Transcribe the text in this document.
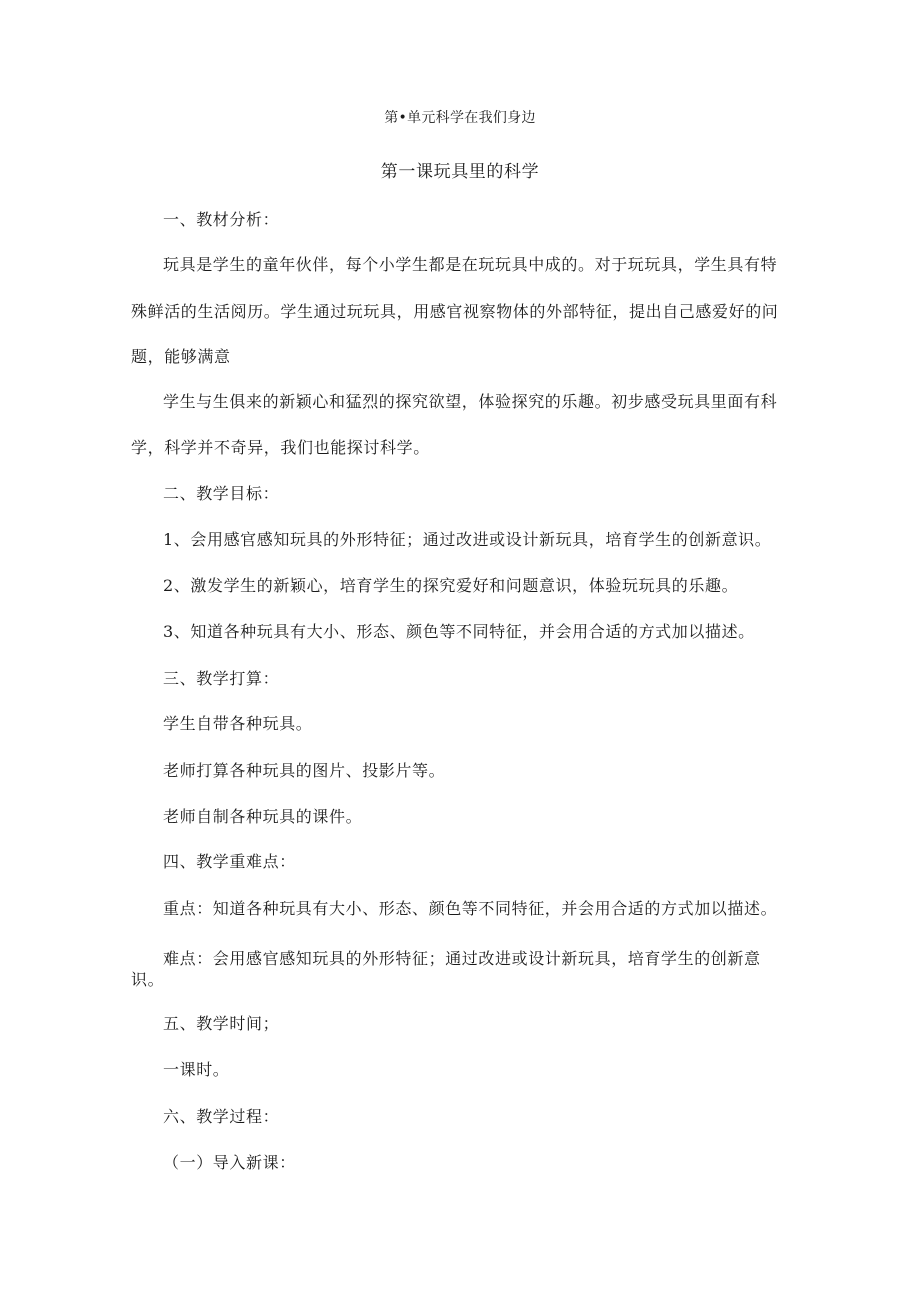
第•单元科学在我们身边
第一课玩具里的科学
一、教材分析：
玩具是学生的童年伙伴，每个小学生都是在玩玩具中成的。对于玩玩具，学生具有特
殊鲜活的生活阅历。学生通过玩玩具，用感官视察物体的外部特征，提出自己感爱好的问
题，能够满意
学生与生俱来的新颖心和猛烈的探究欲望，体验探究的乐趣。初步感受玩具里面有科
学，科学并不奇异，我们也能探讨科学。
二、教学目标：
1、会用感官感知玩具的外形特征；通过改进或设计新玩具，培育学生的创新意识。
2、激发学生的新颖心，培育学生的探究爱好和问题意识，体验玩玩具的乐趣。
3、知道各种玩具有大小、形态、颜色等不同特征，并会用合适的方式加以描述。
三、教学打算：
学生自带各种玩具。
老师打算各种玩具的图片、投影片等。
老师自制各种玩具的课件。
四、教学重难点：
重点：知道各种玩具有大小、形态、颜色等不同特征，并会用合适的方式加以描述。
难点：会用感官感知玩具的外形特征；通过改进或设计新玩具，培育学生的创新意
识。
五、教学时间；
一课时。
六、教学过程：
（一）导入新课：
